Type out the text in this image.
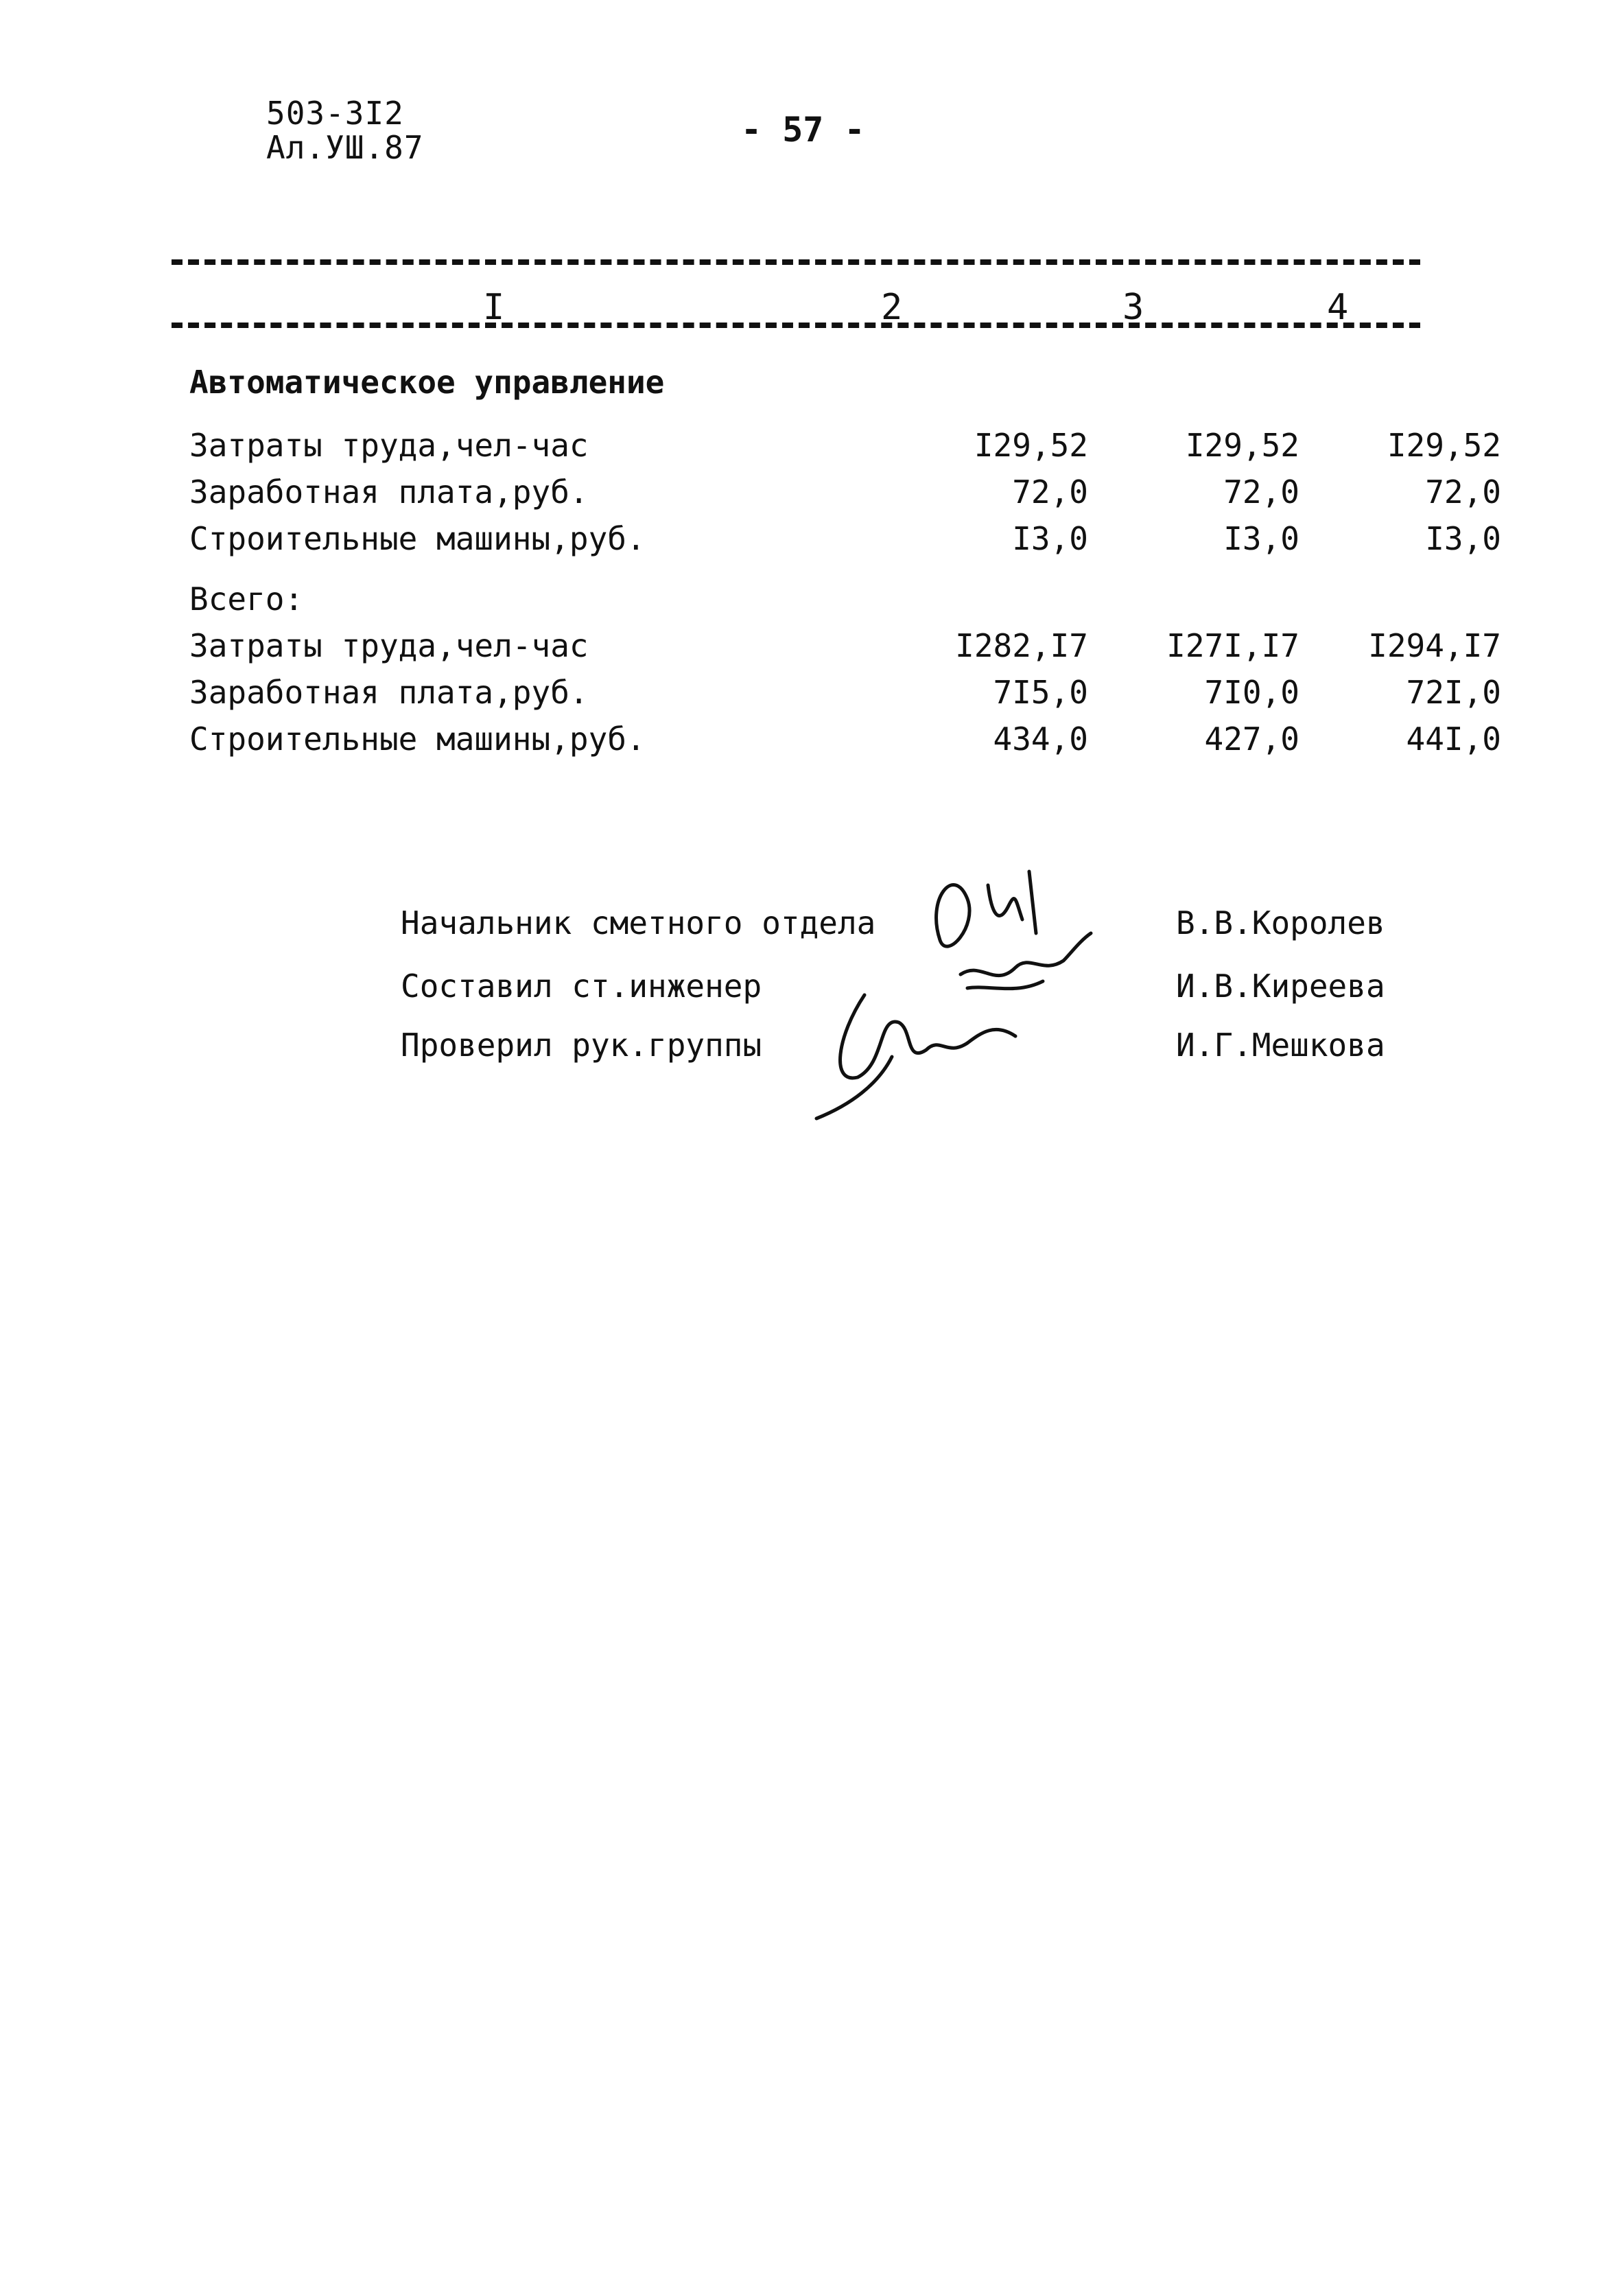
503-3I2
Ал.УШ.87	- 57 -
I	2	3	4
Автоматическое управление
Затраты труда,чел-час	I29,52	I29,52	I29,52
Заработная плата,руб.	72,0	72,0	72,0
Строительные машины,руб.	I3,0	I3,0	I3,0
Всего:
Затраты труда,чел-час	I282,I7	I27I,I7	I294,I7
Заработная плата,руб.	7I5,0	7I0,0	72I,0
Строительные машины,руб.	434,0	427,0	44I,0
Начальник сметного отдела	В.В.Королев
Составил ст.инженер	И.В.Киреева
Проверил рук.группы	И.Г.Мешкова
